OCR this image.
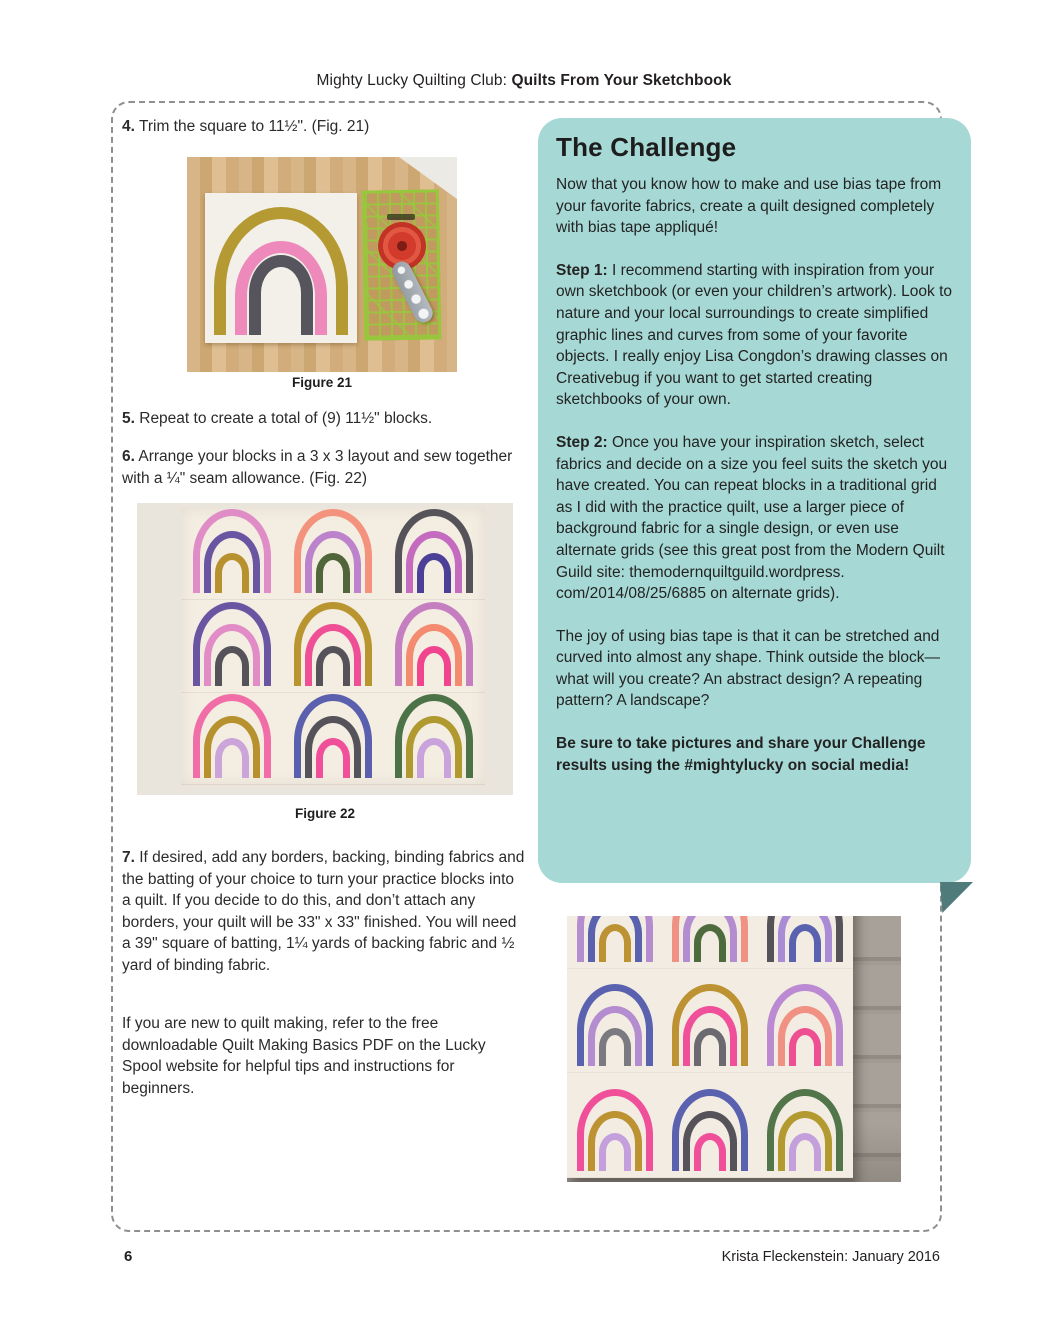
Mighty Lucky Quilting Club: Quilts From Your Sketchbook
4. Trim the square to 11½". (Fig. 21)
Figure 21
5. Repeat to create a total of (9) 11½" blocks.
6. Arrange your blocks in a 3 x 3 layout and sew together with a ¼" seam allowance. (Fig. 22)
Figure 22
7. If desired, add any borders, backing, binding fabrics and the batting of your choice to turn your practice blocks into a quilt. If you decide to do this, and don’t attach any borders, your quilt will be 33" x 33" finished. You will need a 39" square of batting, 1¼ yards of backing fabric and ½ yard of binding fabric.
If you are new to quilt making, refer to the free downloadable Quilt Making Basics PDF on the Lucky Spool website for helpful tips and instructions for beginners.
The Challenge

Now that you know how to make and use bias tape from your favorite fabrics, create a quilt designed completely with bias tape appliqué!

Step 1: I recommend starting with inspiration from your own sketchbook (or even your children’s artwork). Look to nature and your local surroundings to create simplified graphic lines and curves from some of your favorite objects. I really enjoy Lisa Congdon’s drawing classes on Creativebug if you want to get started creating sketchbooks of your own.

Step 2: Once you have your inspiration sketch, select fabrics and decide on a size you feel suits the sketch you have created. You can repeat blocks in a traditional grid as I did with the practice quilt, use a larger piece of background fabric for a single design, or even use alternate grids (see this great post from the Modern Quilt Guild site: themodernquiltguild.wordpress. com/2014/08/25/6885 on alternate grids).

The joy of using bias tape is that it can be stretched and curved into almost any shape. Think outside the block— what will you create? An abstract design? A repeating pattern? A landscape?

Be sure to take pictures and share your Challenge results using the #mightylucky on social media!

6	Krista Fleckenstein: January 2016
